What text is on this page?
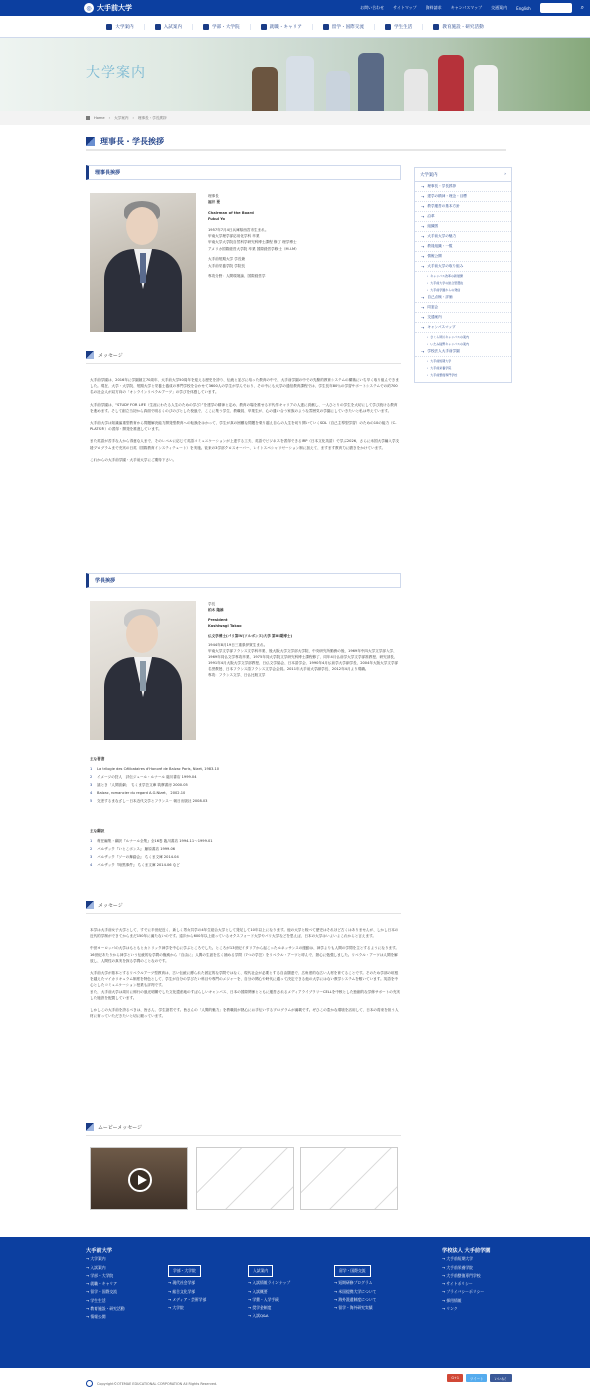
◎ 大手前大学	お問い合わせ サイトマップ 資料請求 キャンパスマップ 交通案内 English	資料を請求	⌕
大学案内	入試案内	学部・大学院	就職・キャリア	留学・国際交流	学生生活	教育施設・研究活動
大学案内
Home › 大学案内 › 理事長・学長挨拶
理事長・学長挨拶
理事長挨拶
理事長
福井 要
Chairman of the Board
Fukui Yo
1957年7月4日兵庫県西宮市生まれ。
甲南大学理学部応用化学科 卒業
甲南大学大学院自然科学研究科博士課程 修了 理学博士
アメリカ国際経営大学院 卒業 国際経営学修士（M.I.M）
大手前短期大学 学長兼
大手前栄養学院 学院長
専攻分野：人間環境論、国際経営学
メッセージ

大手前学園は、2016年に学園創立70周年、大手前大学50周年を迎える歴史を誇り、伝統と並びに培った教育の中で、大手前学園の中での先駆的教育システムの構築にいち早く取り組んできました。現在、大学・大学院、短期大学と栄養士養成の専門学校を合わせて3600人の学生が学んでおり、その中にも大学の通信教育課程では、学生長年80％の学習サポートシステムでの約700名の社会人が双方向の「オンラインリベラルアーツ」の学びを体感しています。

大手前学園は、“STUDY FOR LIFE（生涯にわたる人生のための学び）”を建学の精神と定め、教育の場を推せる平代作キャリアの人達に貢献し、一人ひとりの学生を大切にして学び続ける教育を進めます。そして創立当初から真面で明るくのびのびとした校風で、ここに集う学生、教職員、卒業生が、心の通い合う家族のような雰囲気の学園にしていきたいと私は考えています。

大手前大学は知識偏重型教育から問題解決能力開発型教育への転換をはかって、学生が真の困難な問題を乗り越え自らの人生を切り開いていくSDL（自己主導型学習）のための10の能力（C-PLATS®）の習得・開発を推進しています。

また英語が苦手な人から得意な人まで、そのレベルに応じて英語コミュニケーションが上達する工夫、英語でビジネスを習得できるIRP（日本文化英語）で学ぶ2026、さらに米国大学編入学支援プログラムまで充実の日英（国際教育インスティテュート）を実施。徒来の3学部クロスオーバー、レイトスペシャリゼーション制に加えて、ますます教育力に磨きをかけています。

これからの大手前学園・大手前大学にご期待下さい。

学長挨拶
学長
柏木 隆雄
President
Kashiwagi Takao
仏文学博士(パリ第IV(ソルボンヌ)大学 第III期博士)
1944年8月19日三重県伊賀生まれ。
甲南大学文学部フランス文学科卒業、後大阪大学文学部大学院、中央研究所勤務の後、1969年中四大学文学部入学、1969年同仏文学専攻卒業、1975年同大学院文学研究科博士課程修了、同年4月仏前学大学文学部准教授、研究部長、1991年4月大阪大学文学部教授、日仏文学協会、日本語学会、1990年4月仏前学大学副学長、2004年大阪大学文学部名誉教授、日本フランス語フランス文学会会員。2011年大手前大学副学長、2012年4月より現職。
専攻：フランス文学、日仏比較文学
主な著書
1 La trilogie des Célibataires d'Honoré de Balzac Paris, Nizet, 1983.10
2 イメージの狩人　評伝ジュール・ルナール 臨川書店 1999.04
3 謎とき「人間喜劇」　ちくま学芸文庫 筑摩書房 2000.05
4 Balzac, romancier du regard A.G.Nizet,　2002.10
5 交差するまなざし－日本近代文学とフランス－ 朝日出版社 2008.03
主な翻訳
1 責任編集・翻訳『ルナール全集』全16巻 臨川書店 1994.11～1999.01
2 バルザック『いとこポンス』 藤原書店 1999.06
3 バルザック『ソーの舞踏会』 ちくま文庫 2014.04
4 バルザック『暗黒事件』 ちくま文庫 2014.06 など
メッセージ

本学は大手前女子大学として、すでに半世紀近く、新しく男女共学の4年生総合大学として発足して10年以上になります。他の大学と較べて歴史はそれほど古くはありませんが、しかし日本の近代的学制ができてからまだ150年に満たないのです。遠歩から600年以上経っているオクスフォード大学やパリ大学などを思えば、日本の大学はいよいよこれからと言えます。

中世ヨーロッパの大学はもともとカトリック神学を中心に学ぶところでした。ところが13世紀イタリアから起こったルネッサンスの運動は、神学よりも人間の学問を主とするようになります。16世紀あたりから神学という伝統的な学問の権威から「自由に」人間の生涯を広く捕める学問（7つの学芸）をリベラル・アーツと呼んで、熱心に勉強しました。リベラル・アーツは人間を解放し、人間性の真実を探る学問のことなのです。

大手前大学が基本とするリベラルアーツ型教育は、古い伝統に縛られた固定的な学問ではなく、現代社会が必要とする自由闊達で、広角度的な広い人材を育てることです。そのため学部の垣根を越えたマイカリキュラム制度を特色として、学生が自分の学びたい科目や専門のメジャーを、自分の関心や時代に通って決定できる他の大学にはない教学システムを敷いています。英語を中心としたコミュニケーション授業も評判です。

また、大手前大学は周川に帰行の風光明媚でした文化遺産地のすばらしいキャンパス、日本の国際関係とともに運営されるメディアライブラリーCELLを中核とした独創的な学修サポートの充実した施設を配置しています。

しかしこの大手前を誇るべきは、皆さん、学生諸君です。皆さんの「人間的魅力」を教職員が熱心にお手伝いするプログラムが満載です。ぜひこの豊かな環境を活用して、日本の将来を担う人材に育っていただきたいと切に願っています。

ムービーメッセージ
大学案内	›
→ 理事長・学長挨拶
→ 建学の精神・理念・目標
→ 教学運営の基本方針
→ 沿革
→ 組織図
→ 大手前大学の魅力
→ 教員組織・一覧
→ 情報公開
→ 大手前大学の取り組み
› キャンパス改革の新展開
› 大手前大学の総合型選抜
› 大手前学園からの発信
→ 自己点検・評価
→ 同窓会
→ 交通案内
→ キャンパスマップ
› さくら夙川キャンパスの案内
› いたみ稲野キャンパスの案内
→ 学校法人大手前学園
› 大手前短期大学
› 大手前栄養学院
› 大手前整復専門学校
大手前大学
→ 大学案内
→ 入試案内
→ 学部・大学院
→ 就職・キャリア
→ 留学・国際交流
→ 学生生活
→ 教育施設・研究活動
→ 情報公開
学部・大学院
→ 現代社会学部
→ 総合文化学部
→ メディア・芸術学部
→ 大学院
入試案内
→ 入試情報ラインナップ
→ 入試概要
→ 学費・入学手続
→ 奨学金制度
→ 入試Q&A
留学・国際交流
→ 短期研修プログラム
→ 米国提携大学について
→ 海外派遣制度について
→ 留学・海外研究実績
学校法人 大手前学園
→ 大手前短期大学
→ 大手前栄養学院
→ 大手前整復専門学校
→ サイトポリシー
→ プライバシーポリシー
→ 採用情報
→ リンク
Copyright©OTEMAE EDUCATIONAL CORPORATION All Rights Reserved.
G+1	ツイート	いいね！
